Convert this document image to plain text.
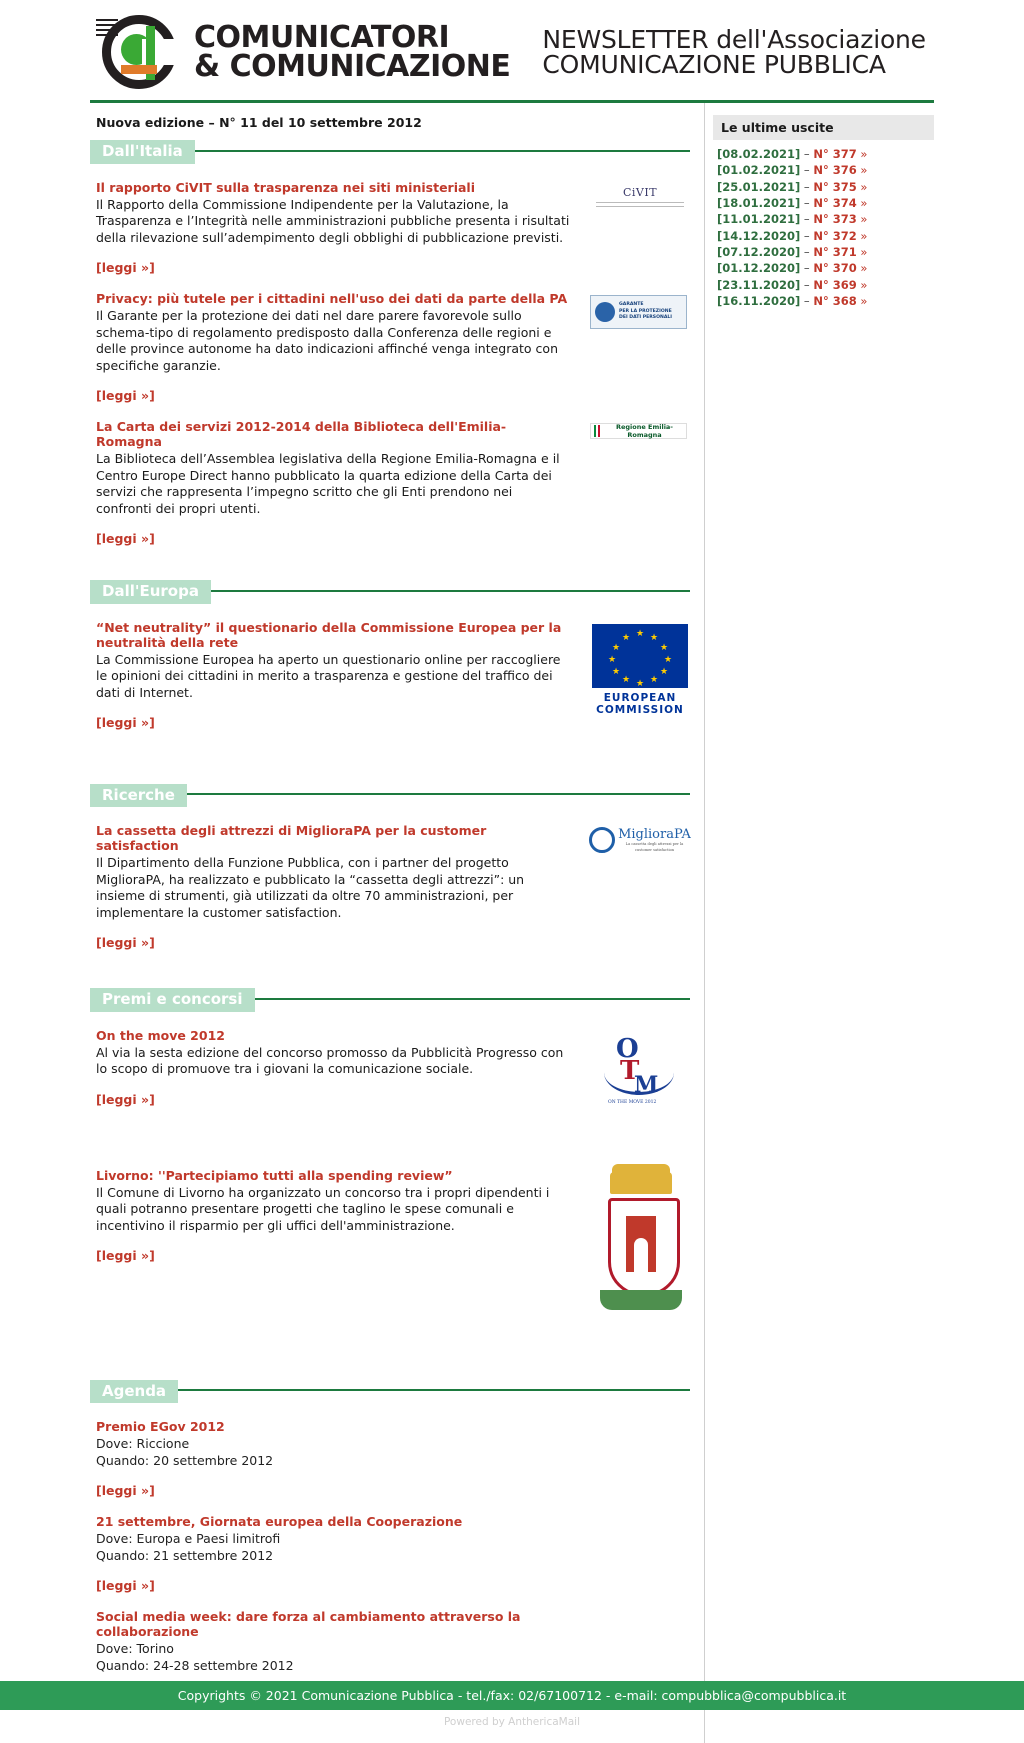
COMUNICATORI
& COMUNICAZIONE
NEWSLETTER dell'Associazione
COMUNICAZIONE PUBBLICA
Nuova edizione – N° 11 del 10 settembre 2012
Dall'Italia
Il rapporto CiVIT sulla trasparenza nei siti ministeriali
Il Rapporto della Commissione Indipendente per la Valutazione, la Trasparenza e l’Integrità nelle amministrazioni pubbliche presenta i risultati della rilevazione sull’adempimento degli obblighi di pubblicazione previsti.
[leggi »]
CiVIT
Privacy: più tutele per i cittadini nell'uso dei dati da parte della PA
Il Garante per la protezione dei dati nel dare parere favorevole sullo schema-tipo di regolamento predisposto dalla Conferenza delle regioni e delle province autonome ha dato indicazioni affinché venga integrato con specifiche garanzie.
[leggi »]
GARANTE
PER LA PROTEZIONE
DEI DATI PERSONALI
La Carta dei servizi 2012-2014 della Biblioteca dell'Emilia-Romagna
La Biblioteca dell’Assemblea legislativa della Regione Emilia-Romagna e il Centro Europe Direct hanno pubblicato la quarta edizione della Carta dei servizi che rappresenta l’impegno scritto che gli Enti prendono nei confronti dei propri utenti.
[leggi »]
Regione Emilia-Romagna
Dall'Europa
“Net neutrality” il questionario della Commissione Europea per la neutralità della rete
La Commissione Europea ha aperto un questionario online per raccogliere le opinioni dei cittadini in merito a trasparenza e gestione del traffico dei dati di Internet.
[leggi »]
★ ★
★
★
★
★
★
★
★
★
★
★
EUROPEAN
COMMISSION
Ricerche
La cassetta degli attrezzi di MiglioraPA per la customer satisfaction
Il Dipartimento della Funzione Pubblica, con i partner del progetto MiglioraPA, ha realizzato e pubblicato la “cassetta degli attrezzi”: un insieme di strumenti, già utilizzati da oltre 70 amministrazioni, per implementare la customer satisfaction.
[leggi »]
MiglioraPA
La cassetta degli attrezzi per la
customer satisfaction
Premi e concorsi
On the move 2012
Al via la sesta edizione del concorso promosso da Pubblicità Progresso con lo scopo di promuove tra i giovani la comunicazione sociale.
[leggi »]
O
T
M
ON THE MOVE 2012
Livorno: ''Partecipiamo tutti alla spending review”
Il Comune di Livorno ha organizzato un concorso tra i propri dipendenti i quali potranno presentare progetti che taglino le spese comunali e incentivino il risparmio per gli uffici dell'amministrazione.
[leggi »]
Agenda
Premio EGov 2012
Dove: Riccione
Quando: 20 settembre 2012
[leggi »]
21 settembre, Giornata europea della Cooperazione
Dove: Europa e Paesi limitrofi
Quando: 21 settembre 2012
[leggi »]
Social media week: dare forza al cambiamento attraverso la collaborazione
Dove: Torino
Quando: 24-28 settembre 2012
Le ultime uscite
[08.02.2021] – N° 377 »
[01.02.2021] – N° 376 »
[25.01.2021] – N° 375 »
[18.01.2021] – N° 374 »
[11.01.2021] – N° 373 »
[14.12.2020] – N° 372 »
[07.12.2020] – N° 371 »
[01.12.2020] – N° 370 »
[23.11.2020] – N° 369 »
[16.11.2020] – N° 368 »
Copyrights © 2021 Comunicazione Pubblica - tel./fax: 02/67100712 - e-mail: compubblica@compubblica.it
Powered by AnthericaMail
